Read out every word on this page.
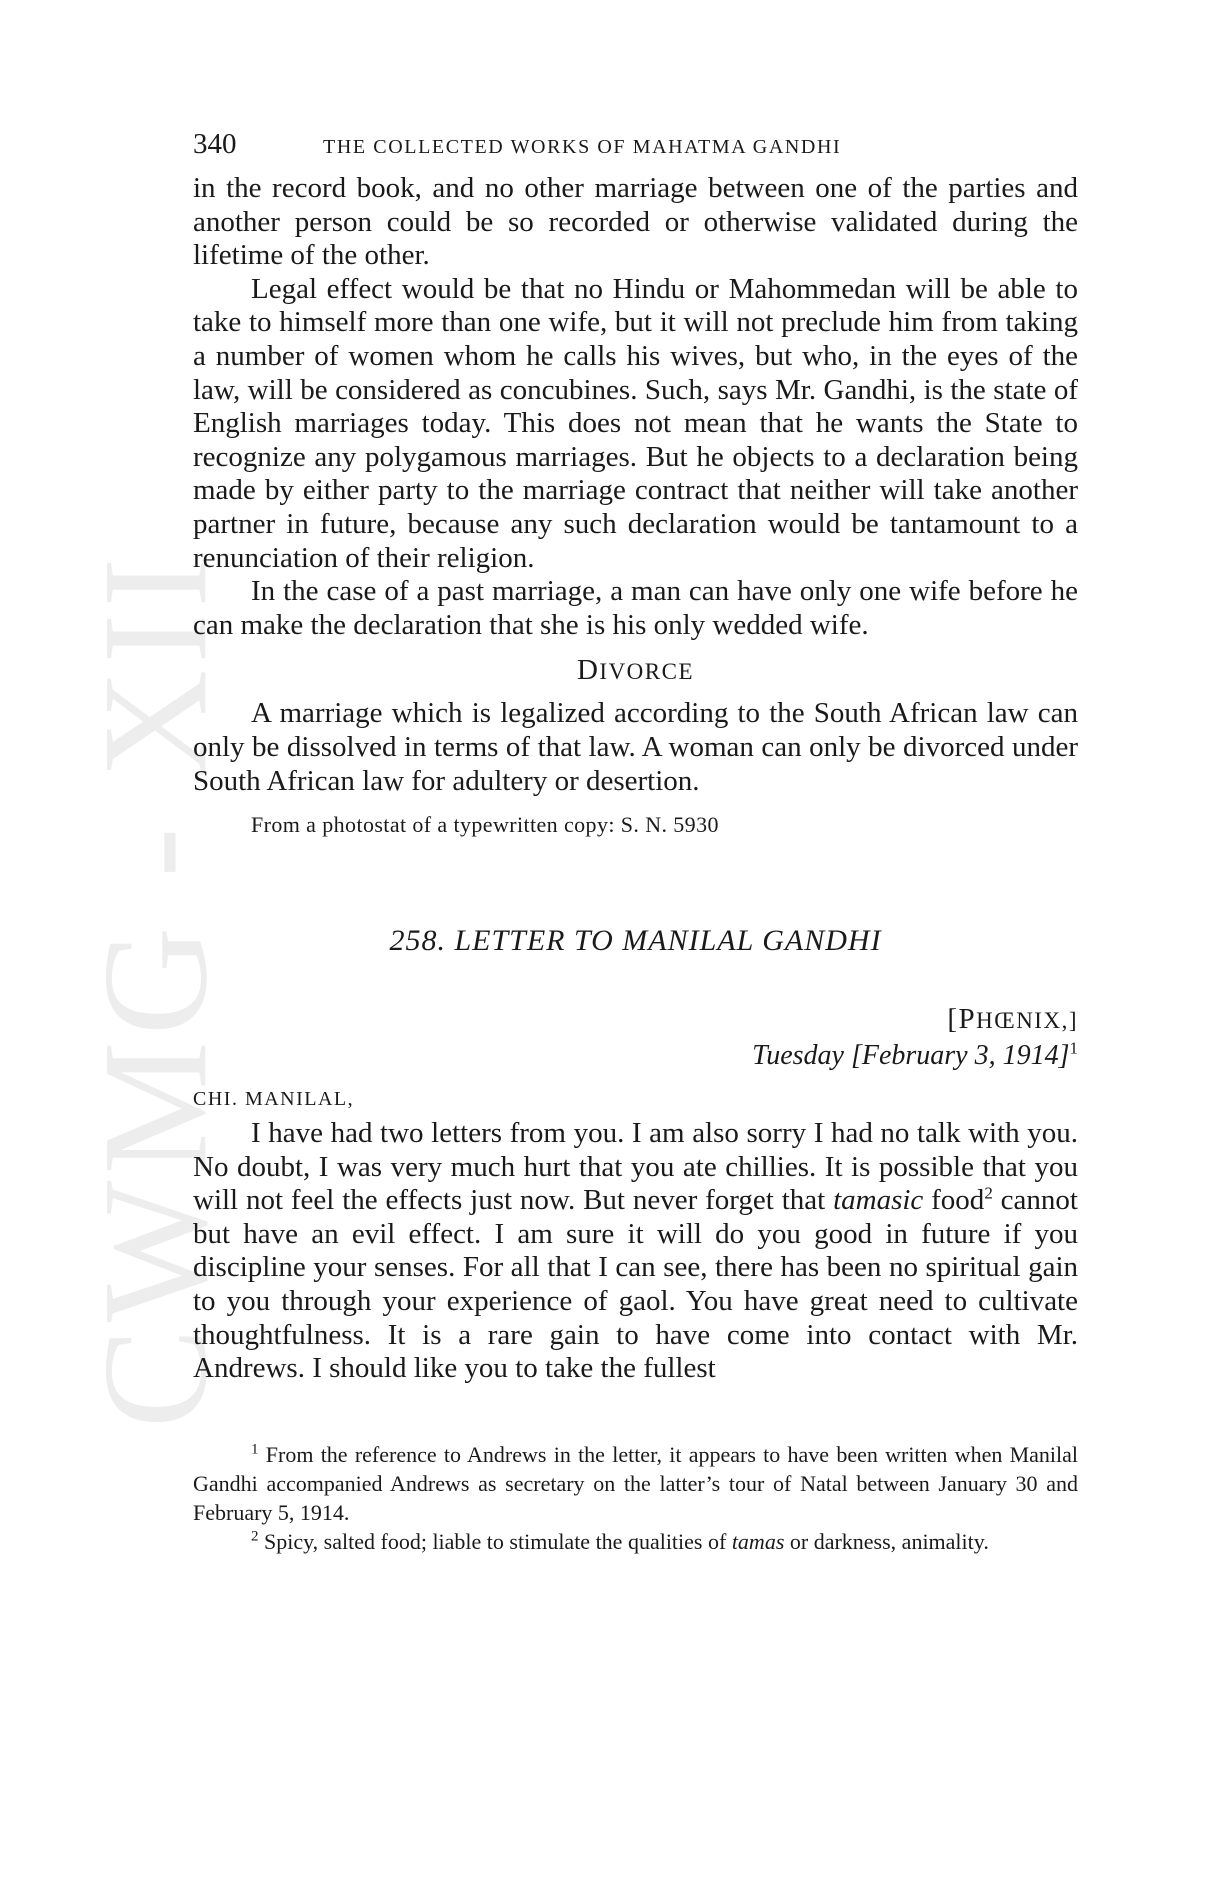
CWMG - XII
340	THE COLLECTED WORKS OF MAHATMA GANDHI

in the record book, and no other marriage between one of the parties and another person could be so recorded or otherwise validated during the lifetime of the other.

Legal effect would be that no Hindu or Mahommedan will be able to take to himself more than one wife, but it will not preclude him from taking a number of women whom he calls his wives, but who, in the eyes of the law, will be considered as concubines. Such, says Mr. Gandhi, is the state of English marriages today. This does not mean that he wants the State to recognize any polygamous marriages. But he objects to a declaration being made by either party to the marriage contract that neither will take another partner in future, because any such declaration would be tantamount to a renunciation of their religion.

In the case of a past marriage, a man can have only one wife before he can make the declaration that she is his only wedded wife.

DIVORCE

A marriage which is legalized according to the South African law can only be dissolved in terms of that law. A woman can only be divorced under South African law for adultery or desertion.

From a photostat of a typewritten copy: S. N. 5930
258. LETTER TO MANILAL GANDHI
[PHŒNIX,]
Tuesday [February 3, 1914]$^1$
CHI. MANILAL,

I have had two letters from you. I am also sorry I had no talk with you. No doubt, I was very much hurt that you ate chillies. It is possible that you will not feel the effects just now. But never forget that tamasic food$^2$ cannot but have an evil effect. I am sure it will do you good in future if you discipline your senses. For all that I can see, there has been no spiritual gain to you through your experience of gaol. You have great need to cultivate thoughtfulness. It is a rare gain to have come into contact with Mr. Andrews. I should like you to take the fullest

$^1$ From the reference to Andrews in the letter, it appears to have been written when Manilal Gandhi accompanied Andrews as secretary on the latter’s tour of Natal between January 30 and February 5, 1914.

$^2$ Spicy, salted food; liable to stimulate the qualities of tamas or darkness, animality.
